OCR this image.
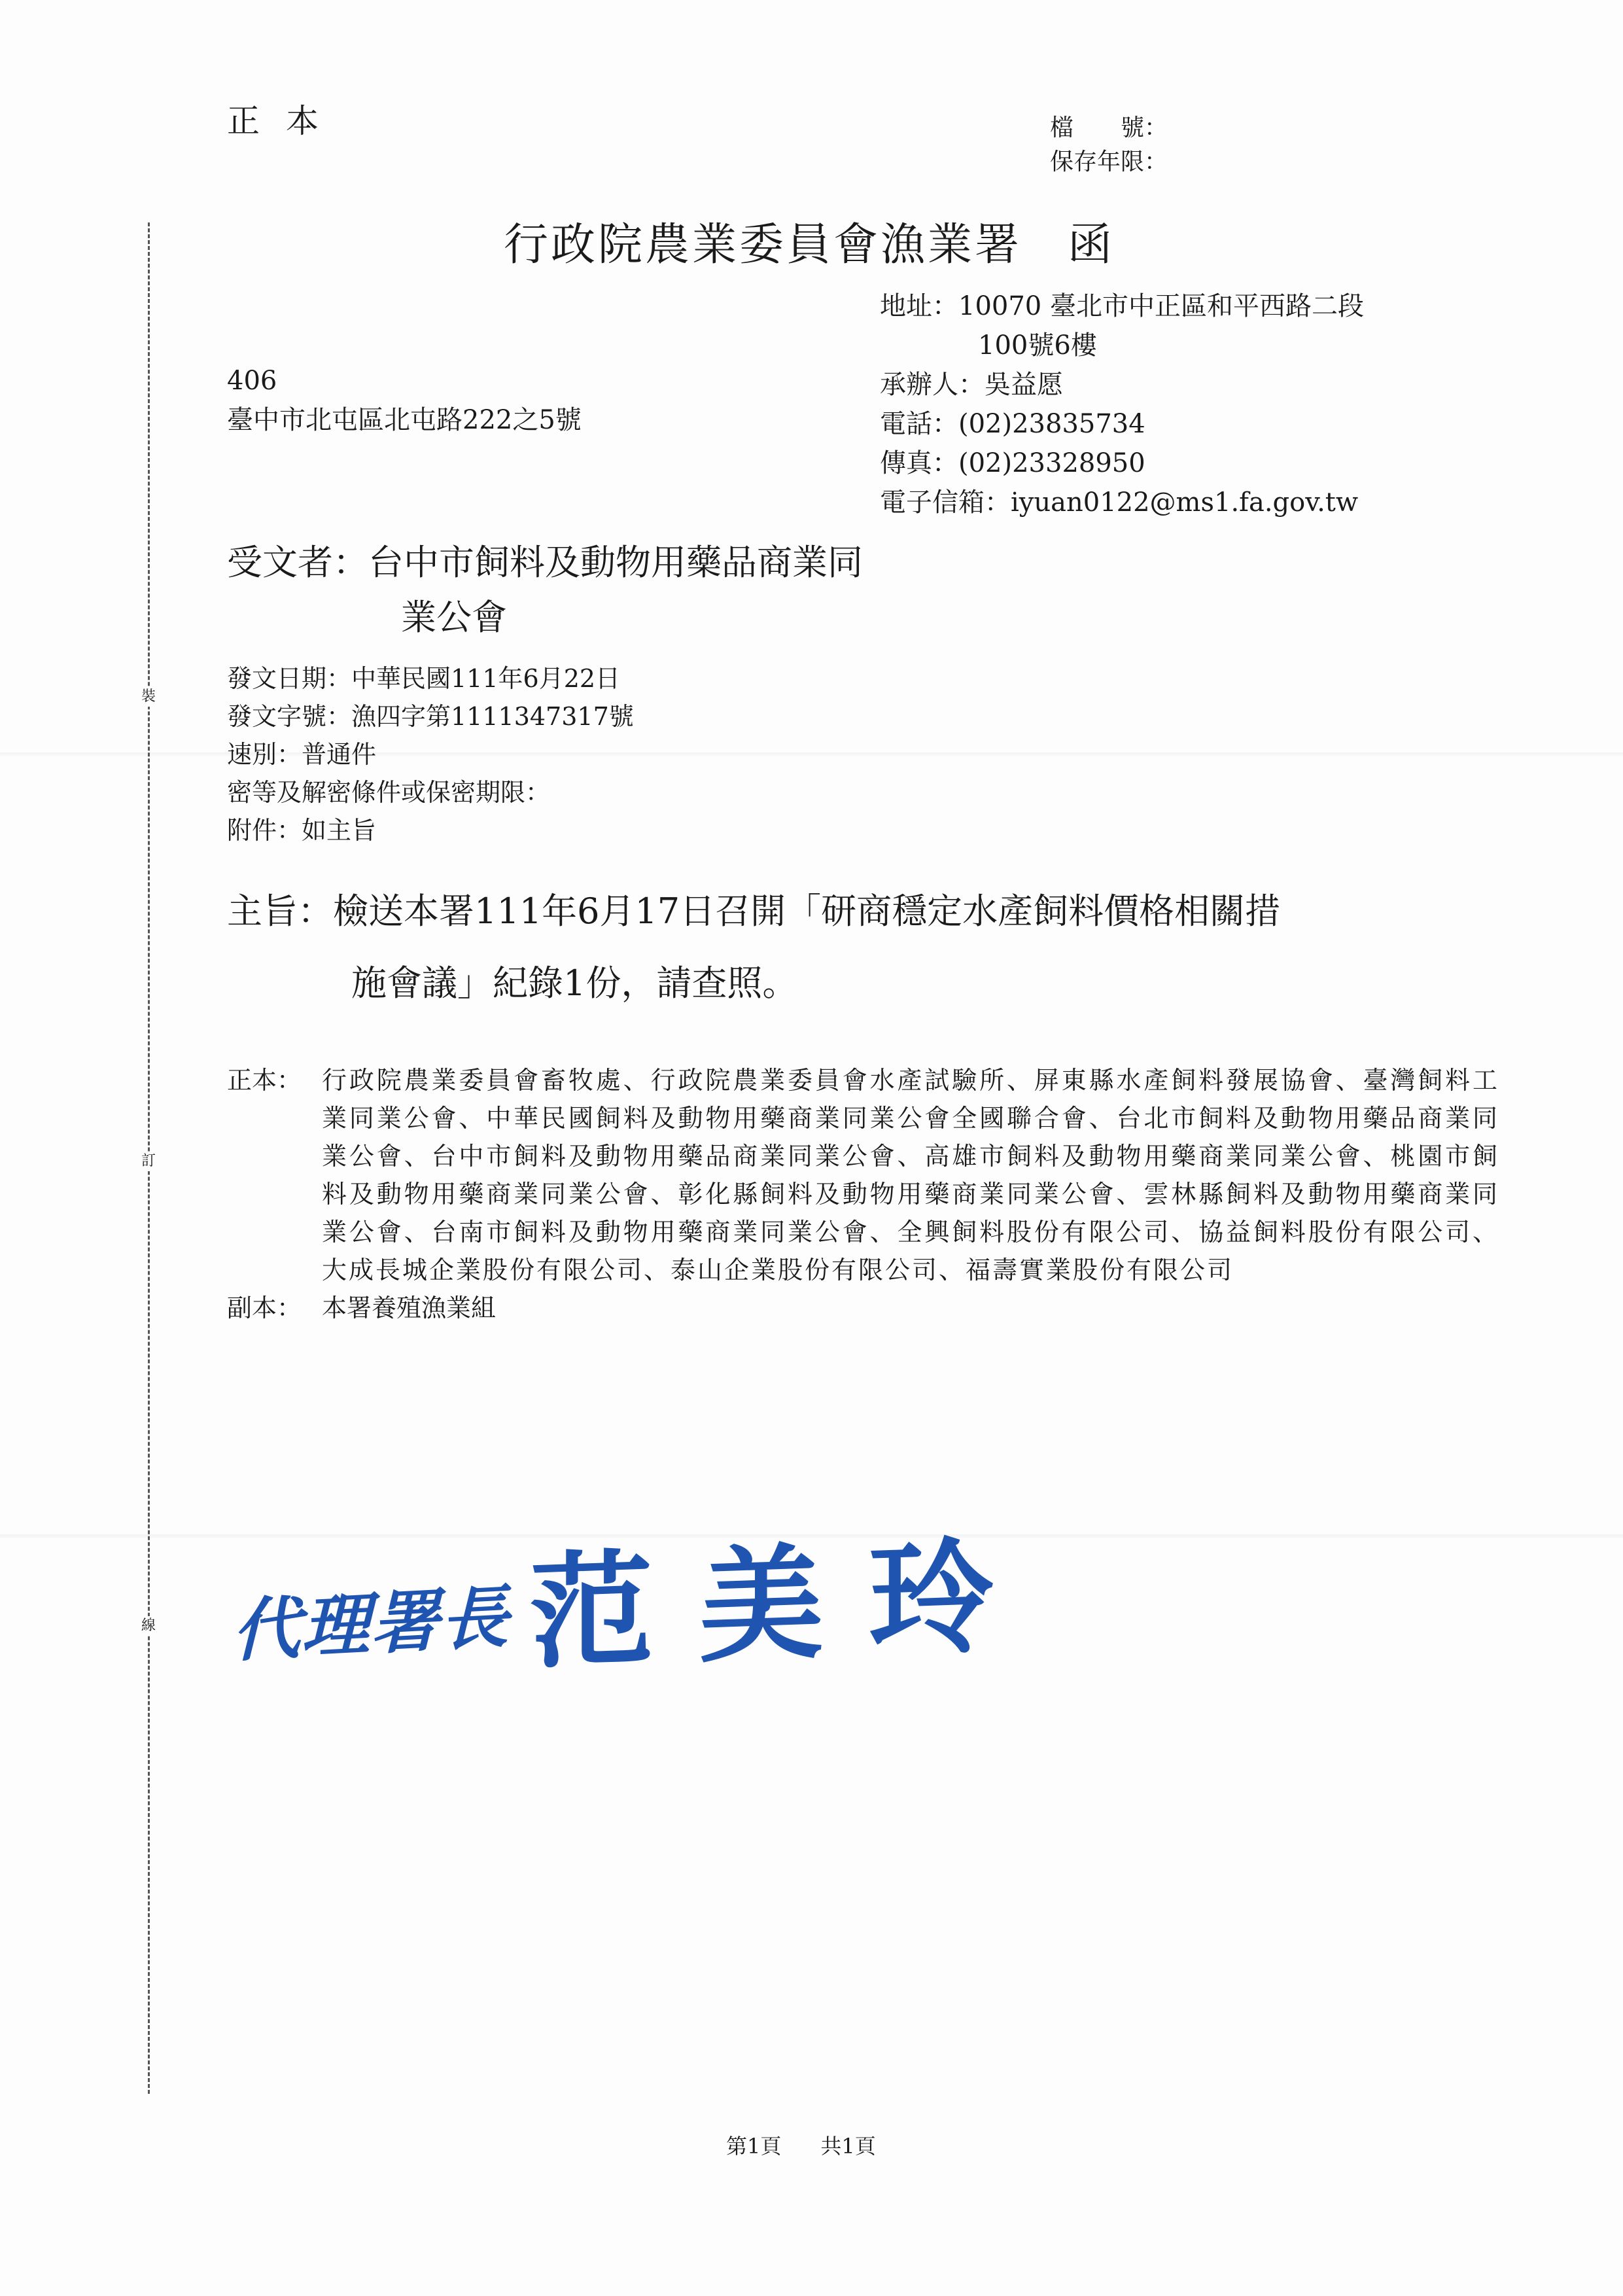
裝
訂
線
正本	檔　　號：
保存年限：
行政院農業委員會漁業署 函
406
臺中市北屯區北屯路222之5號
地址： 10070 臺北市中正區和平西路二段
100號6樓
承辦人： 吳益愿
電話： (02)23835734
傳真： (02)23328950
電子信箱： iyuan0122@ms1.fa.gov.tw
受文者：台中市飼料及動物用藥品商業同
業公會
發文日期：中華民國111年6月22日
發文字號：漁四字第1111347317號
速別：普通件
密等及解密條件或保密期限：
附件：如主旨
主旨：檢送本署111年6月17日召開「研商穩定水產飼料價格相關措
施會議」紀錄1份，請查照。
正本： 行政院農業委員會畜牧處、行政院農業委員會水產試驗所、屏東縣水產飼料發展協會、臺灣飼料工業同業公會、中華民國飼料及動物用藥商業同業公會全國聯合會、台北市飼料及動物用藥品商業同業公會、台中市飼料及動物用藥品商業同業公會、高雄市飼料及動物用藥商業同業公會、桃園市飼料及動物用藥商業同業公會、彰化縣飼料及動物用藥商業同業公會、雲林縣飼料及動物用藥商業同業公會、台南市飼料及動物用藥商業同業公會、全興飼料股份有限公司、協益飼料股份有限公司、大成長城企業股份有限公司、泰山企業股份有限公司、福壽實業股份有限公司
副本： 本署養殖漁業組
代理署長 范美玲
第1頁 共1頁
